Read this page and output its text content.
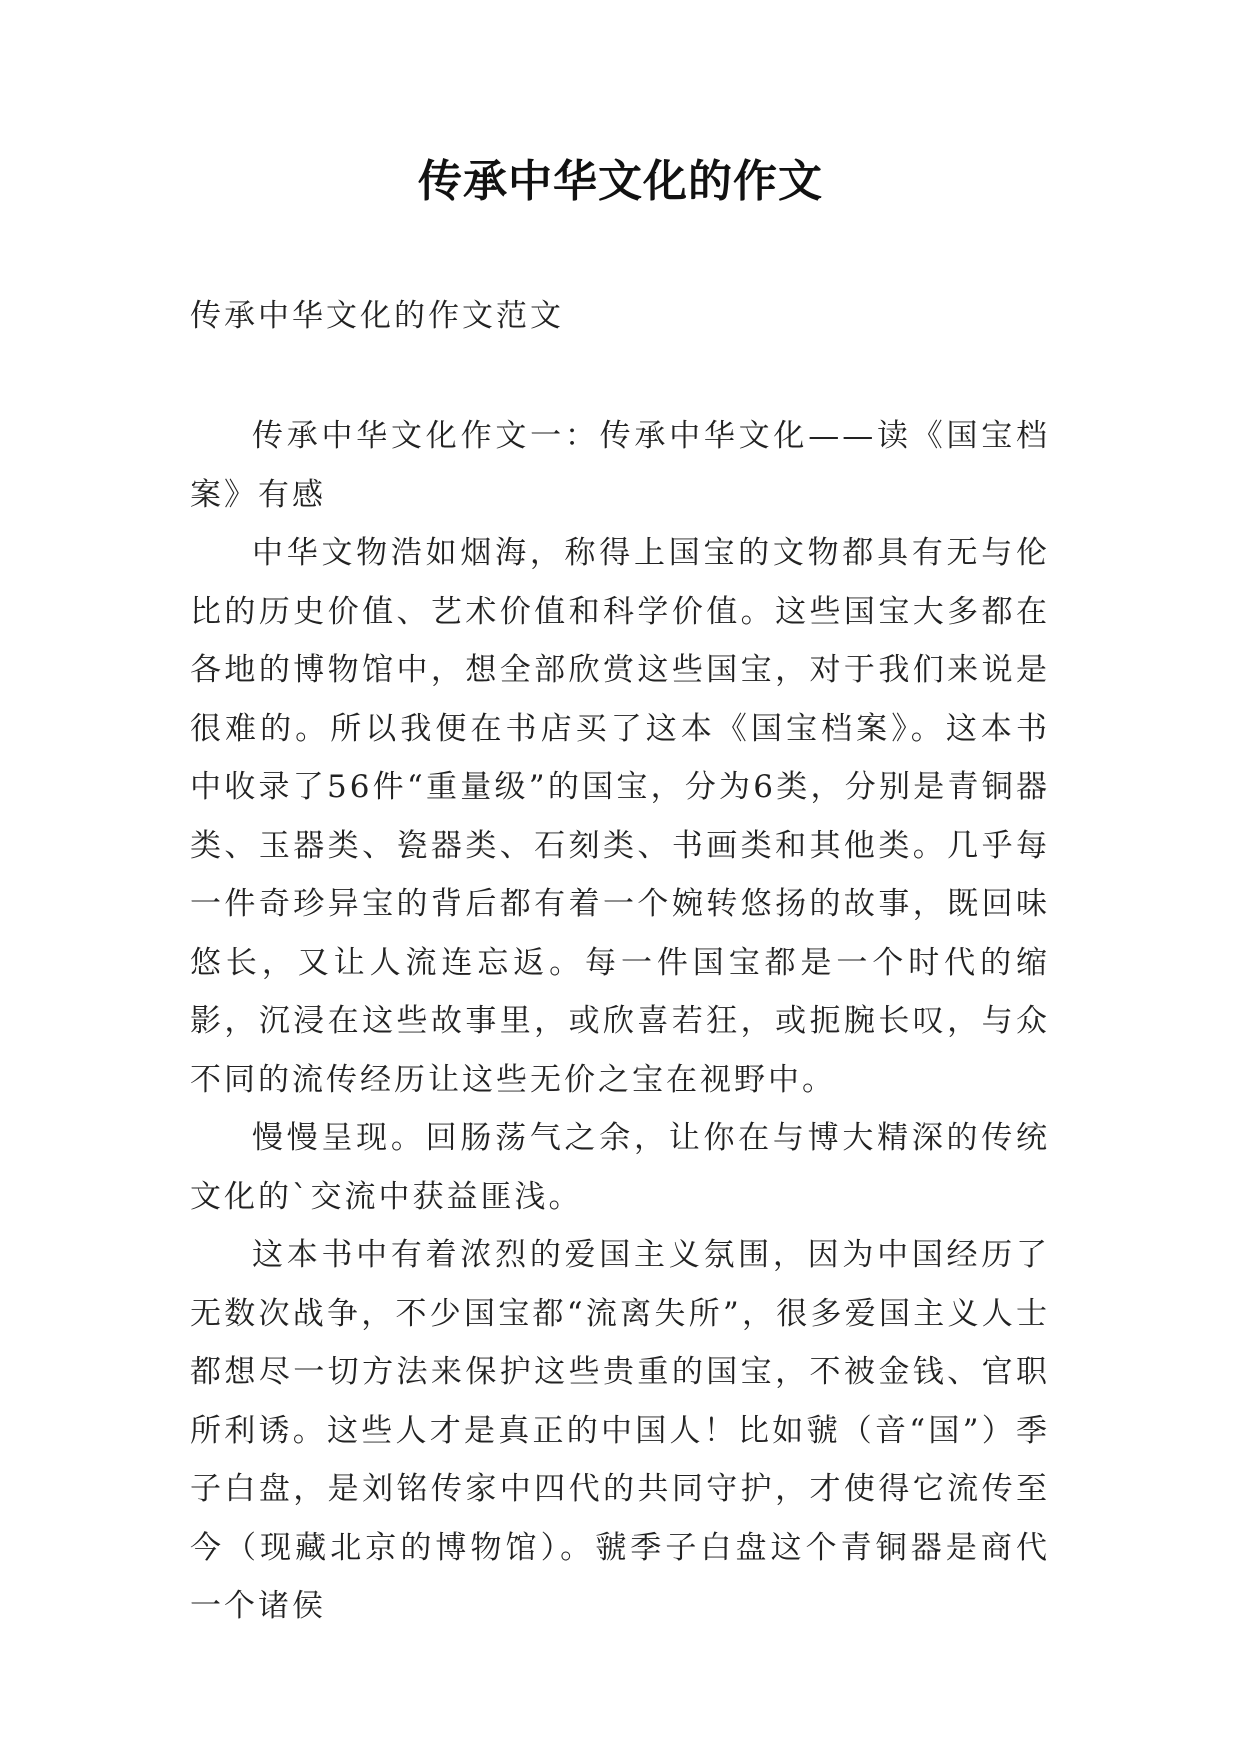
传承中华文化的作文
传承中华文化的作文范文

传承中华文化作文一：传承中华文化——读《国宝档案》有感

中华文物浩如烟海，称得上国宝的文物都具有无与伦比的历史价值、艺术价值和科学价值。这些国宝大多都在各地的博物馆中，想全部欣赏这些国宝，对于我们来说是很难的。所以我便在书店买了这本《国宝档案》。这本书中收录了56件“重量级”的国宝，分为6类，分别是青铜器类、玉器类、瓷器类、石刻类、书画类和其他类。几乎每一件奇珍异宝的背后都有着一个婉转悠扬的故事，既回味悠长，又让人流连忘返。每一件国宝都是一个时代的缩影，沉浸在这些故事里，或欣喜若狂，或扼腕长叹，与众不同的流传经历让这些无价之宝在视野中。

慢慢呈现。回肠荡气之余，让你在与博大精深的传统文化的`交流中获益匪浅。

这本书中有着浓烈的爱国主义氛围，因为中国经历了无数次战争，不少国宝都“流离失所”，很多爱国主义人士都想尽一切方法来保护这些贵重的国宝，不被金钱、官职所利诱。这些人才是真正的中国人！比如虢（音“国”）季子白盘，是刘铭传家中四代的共同守护，才使得它流传至今（现藏北京的博物馆）。虢季子白盘这个青铜器是商代一个诸侯
